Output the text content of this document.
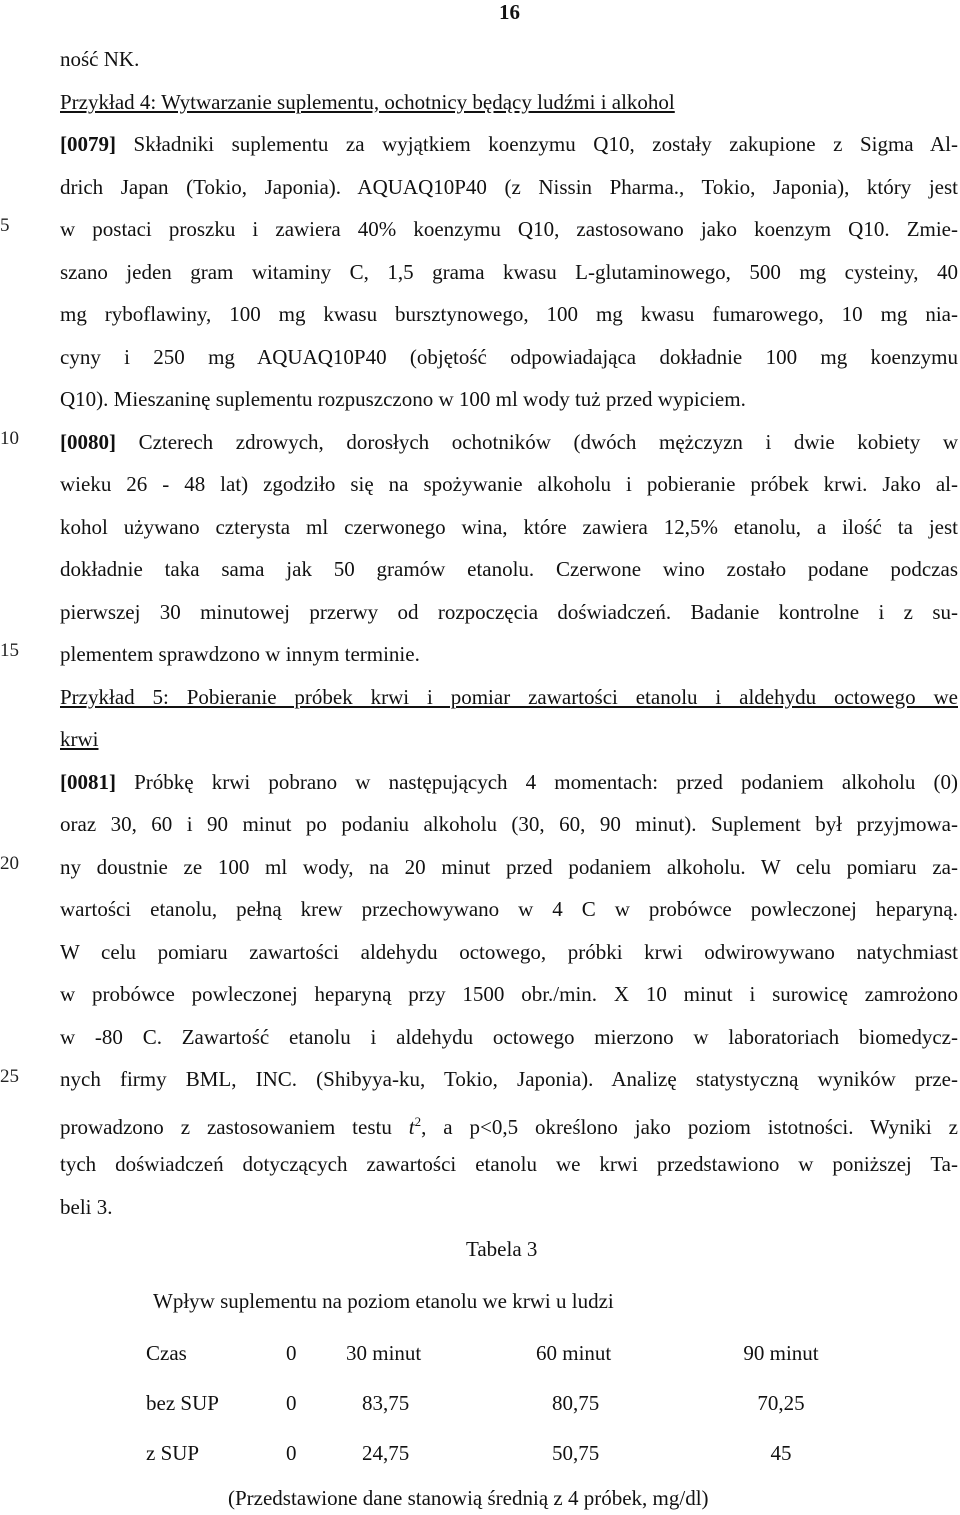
16
5
10
15
20
25
ność NK.
Przykład 4: Wytwarzanie suplementu, ochotnicy będący ludźmi i alkohol
[0079] Składniki suplementu za wyjątkiem koenzymu Q10, zostały zakupione z Sigma Al-
drich Japan (Tokio, Japonia). AQUAQ10P40 (z Nissin Pharma., Tokio, Japonia), który jest
w postaci proszku i zawiera 40% koenzymu Q10, zastosowano jako koenzym Q10. Zmie-
szano jeden gram witaminy C, 1,5 grama kwasu L-glutaminowego, 500 mg cysteiny, 40
mg ryboflawiny, 100 mg kwasu bursztynowego, 100 mg kwasu fumarowego, 10 mg nia-
cyny i 250 mg AQUAQ10P40 (objętość odpowiadająca dokładnie 100 mg koenzymu
Q10). Mieszaninę suplementu rozpuszczono w 100 ml wody tuż przed wypiciem.
[0080] Czterech zdrowych, dorosłych ochotników (dwóch mężczyzn i dwie kobiety w
wieku 26 - 48 lat) zgodziło się na spożywanie alkoholu i pobieranie próbek krwi. Jako al-
kohol używano czterysta ml czerwonego wina, które zawiera 12,5% etanolu, a ilość ta jest
dokładnie taka sama jak 50 gramów etanolu. Czerwone wino zostało podane podczas
pierwszej 30 minutowej przerwy od rozpoczęcia doświadczeń. Badanie kontrolne i z su-
plementem sprawdzono w innym terminie.
Przykład 5: Pobieranie próbek krwi i pomiar zawartości etanolu i aldehydu octowego we
krwi
[0081] Próbkę krwi pobrano w następujących 4 momentach: przed podaniem alkoholu (0)
oraz 30, 60 i 90 minut po podaniu alkoholu (30, 60, 90 minut). Suplement był przyjmowa-
ny doustnie ze 100 ml wody, na 20 minut przed podaniem alkoholu. W celu pomiaru za-
wartości etanolu, pełną krew przechowywano w 4 C w probówce powleczonej heparyną.
W celu pomiaru zawartości aldehydu octowego, próbki krwi odwirowywano natychmiast
w probówce powleczonej heparyną przy 1500 obr./min. X 10 minut i surowicę zamrożono
w -80 C. Zawartość etanolu i aldehydu octowego mierzono w laboratoriach biomedycz-
nych firmy BML, INC. (Shibyya-ku, Tokio, Japonia). Analizę statystyczną wyników prze-
prowadzono z zastosowaniem testu $t^2$, a p<0,5 określono jako poziom istotności. Wyniki z
tych doświadczeń dotyczących zawartości etanolu we krwi przedstawiono w poniższej Ta-
beli 3.
Tabela 3
Wpływ suplementu na poziom etanolu we krwi u ludzi
Czas	0	30 minut	60 minut	90 minut
bez SUP	0	83,75	80,75	70,25
z SUP	0	24,75	50,75	45
(Przedstawione dane stanowią średnią z 4 próbek, mg/dl)
